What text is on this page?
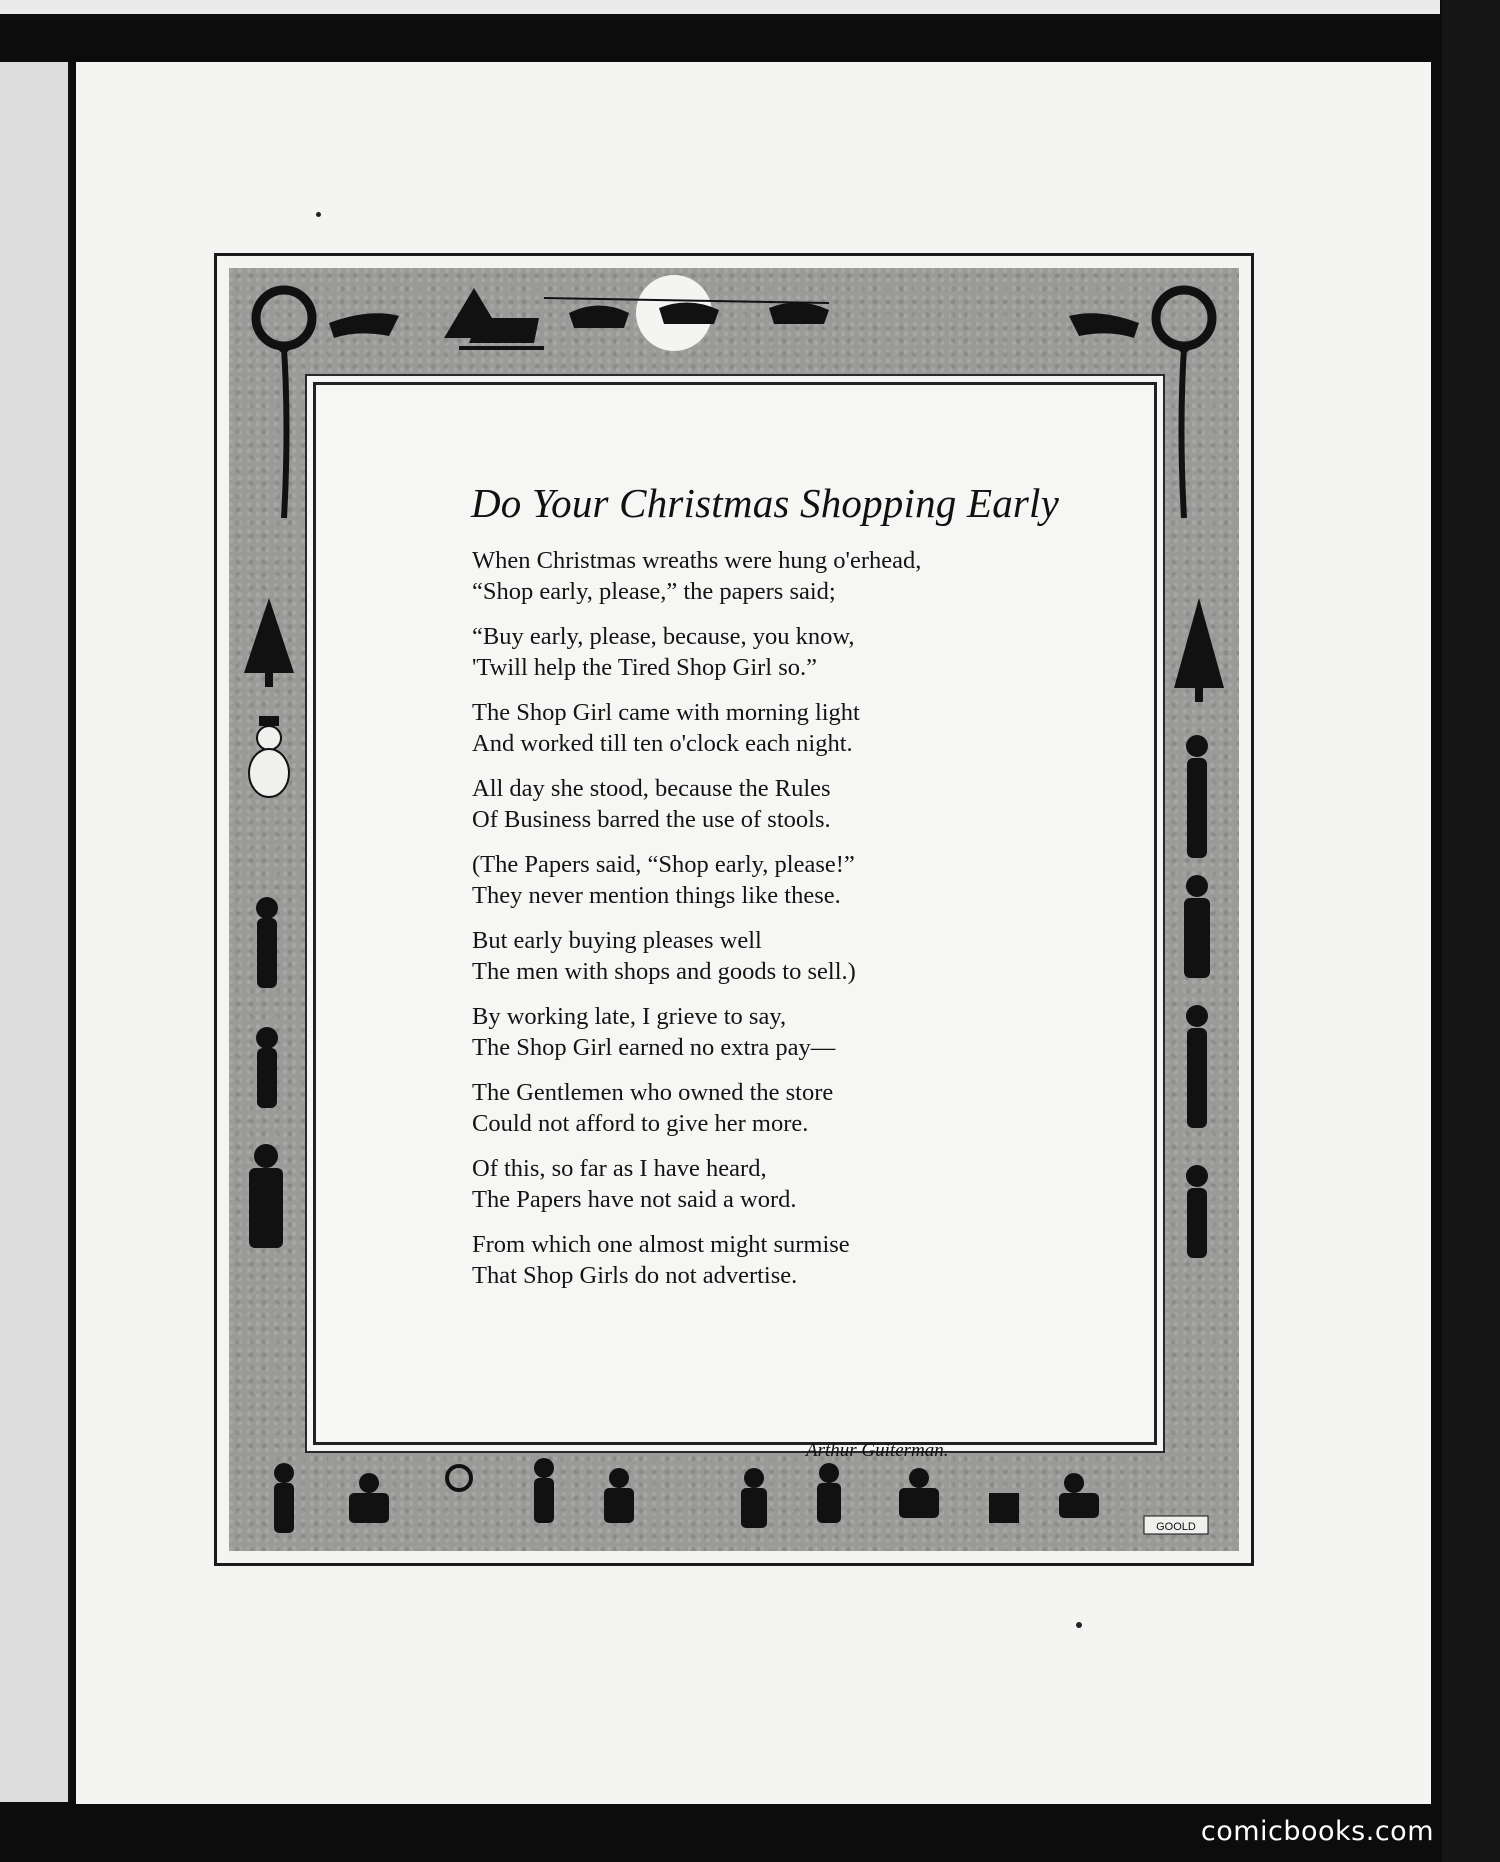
GOOLD
Do Your Christmas Shopping Early
When Christmas wreaths were hung o'erhead,
“Shop early, please,” the papers said;
“Buy early, please, because, you know,
'Twill help the Tired Shop Girl so.”
The Shop Girl came with morning light
And worked till ten o'clock each night.
All day she stood, because the Rules
Of Business barred the use of stools.
(The Papers said, “Shop early, please!”
They never mention things like these.
But early buying pleases well
The men with shops and goods to sell.)
By working late, I grieve to say,
The Shop Girl earned no extra pay—
The Gentlemen who owned the store
Could not afford to give her more.
Of this, so far as I have heard,
The Papers have not said a word.
From which one almost might surmise
That Shop Girls do not advertise.
Arthur Guiterman.
comicbooks.com
